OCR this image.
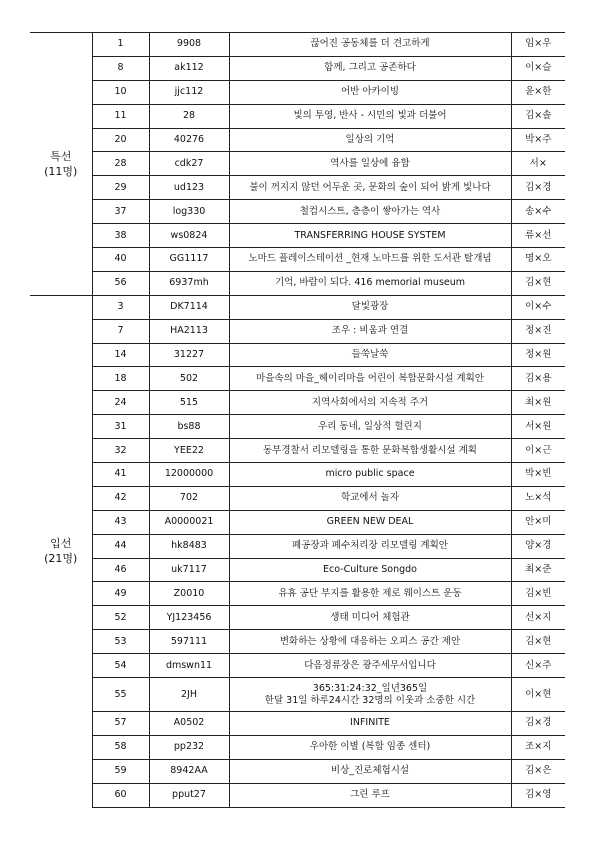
특선
(11명)	1	9908	끊어진 공동체를 더 견고하게	임×우
	8	ak112	함께, 그리고 공존하다	이×슬
	10	jjc112	어반 아카이빙	윤×한
	11	28	빛의 투영, 반사 - 시민의 빛과 더불어	김×솔
	20	40276	일상의 기억	박×주
	28	cdk27	역사를 일상에 융합	서×
	29	ud123	불이 꺼지지 않던 어두운 곳, 문화의 숲이 되어 밝게 빛나다	김×경
	37	log330	철컴시스트, 층층이 쌓아가는 역사	송×수
	38	ws0824	TRANSFERRING HOUSE SYSTEM	류×선
	40	GG1117	노마드 플레이스테이션 _현재 노마드를 위한 도서관 탈개념	명×오
	56	6937mh	기억, 바람이 되다. 416 memorial museum	김×현

입선
(21명)	3	DK7114	달빛광장	이×수
	7	HA2113	조우 : 비움과 연결	정×진
	14	31227	들쑥날쑥	정×원
	18	502	마을속의 마을_헤이리마을 어린이 복합문화시설 계획안	김×용
	24	515	지역사회에서의 지속적 주거	최×원
	31	bs88	우리 동네, 일상적 헐린지	서×원
	32	YEE22	동부경찰서 리모델링을 통한 문화복합생활시설 계획	이×근
	41	12000000	micro public space	박×빈
	42	702	학교에서 놀자	노×석
	43	A0000021	GREEN NEW DEAL	안×미
	44	hk8483	폐공장과 폐수처리장 리모델링 계획안	양×경
	46	uk7117	Eco-Culture Songdo	최×준
	49	Z0010	유휴 공단 부지를 활용한 제로 웨이스트 운동	김×빈
	52	YJ123456	생태 미디어 체험관	선×지
	53	597111	변화하는 상황에 대응하는 오피스 공간 제안	김×현
	54	dmswn11	다음정류장은 광주세무서입니다	신×주
	55	2JH	365:31:24:32_일년365일
한달 31일 하루24시간 32명의 이웃과 소중한 시간	이×현
	57	A0502	INFINITE	김×경
	58	pp232	우아한 이별 (복합 임종 센터)	조×지
	59	8942AA	비상_진로체험시설	김×은
	60	pput27	그린 루프	김×영
